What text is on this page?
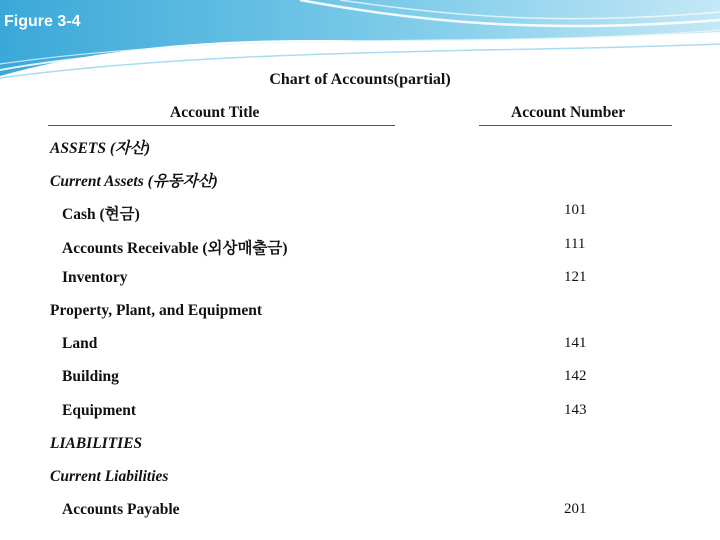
Figure 3-4
Chart of Accounts(partial)
Account Title	Account Number
ASSETS (자산)
Current Assets (유동자산)
Cash (현금)	101
Accounts Receivable (외상매출금)	111
Inventory	121
Property, Plant, and Equipment
Land	141
Building	142
Equipment	143
LIABILITIES
Current Liabilities
Accounts Payable	201
